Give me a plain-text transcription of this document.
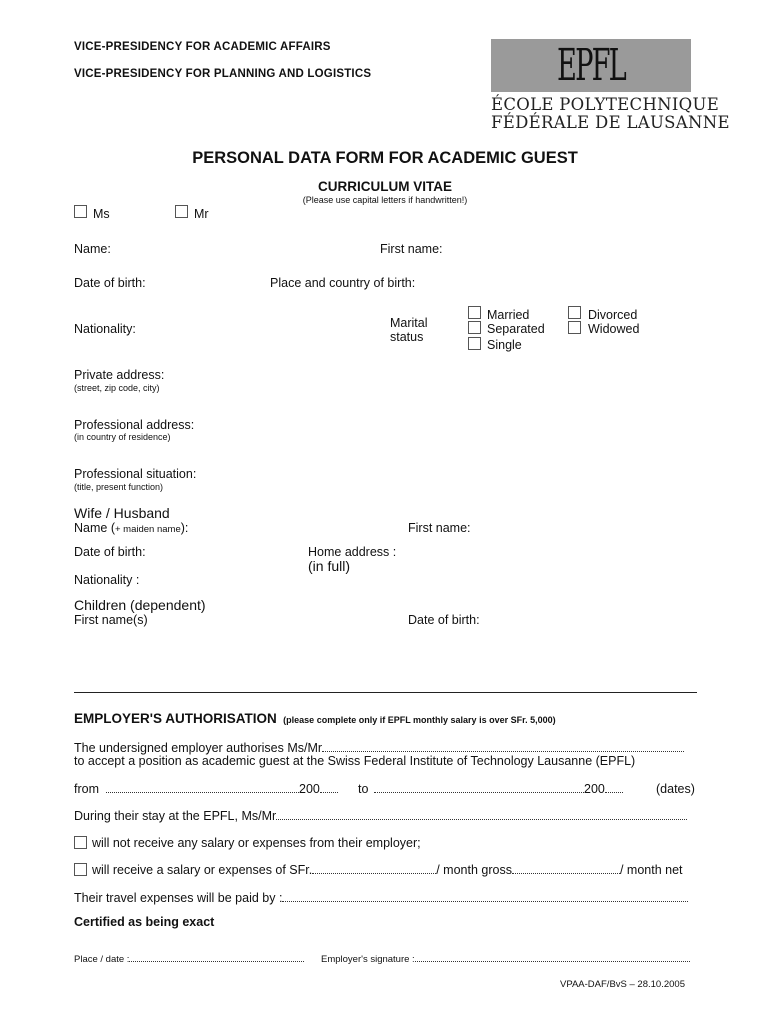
VICE-PRESIDENCY FOR ACADEMIC AFFAIRS
VICE-PRESIDENCY FOR PLANNING AND LOGISTICS	EPFL
ÉCOLE POLYTECHNIQUE
FÉDÉRALE DE LAUSANNE
PERSONAL DATA FORM FOR ACADEMIC GUEST
CURRICULUM VITAE
(Please use capital letters if handwritten!)
Ms	Mr
Name:	First name:
Date of birth:	Place and country of birth:
Nationality:	Marital
status
Married
Separated
Single
Divorced
Widowed
Private address:
(street, zip code, city)
Professional address:
(in country of residence)
Professional situation:
(title, present function)
Wife / Husband
Name (+ maiden name):	First name:
Date of birth:	Home address :
(in full)
Nationality :
Children (dependent)
First name(s)	Date of birth:
EMPLOYER'S AUTHORISATION (please complete only if EPFL monthly salary is over SFr. 5,000)
The undersigned employer authorises Ms/Mr
to accept a position as academic guest at the Swiss Federal Institute of Technology Lausanne (EPFL)
from	200	to	200	(dates)
During their stay at the EPFL, Ms/Mr
will not receive any salary or expenses from their employer;
will receive a salary or expenses of SFr.	/ month gross	/ month net
Their travel expenses will be paid by :
Certified as being exact
Place / date :	Employer's signature :
VPAA-DAF/BvS – 28.10.2005
